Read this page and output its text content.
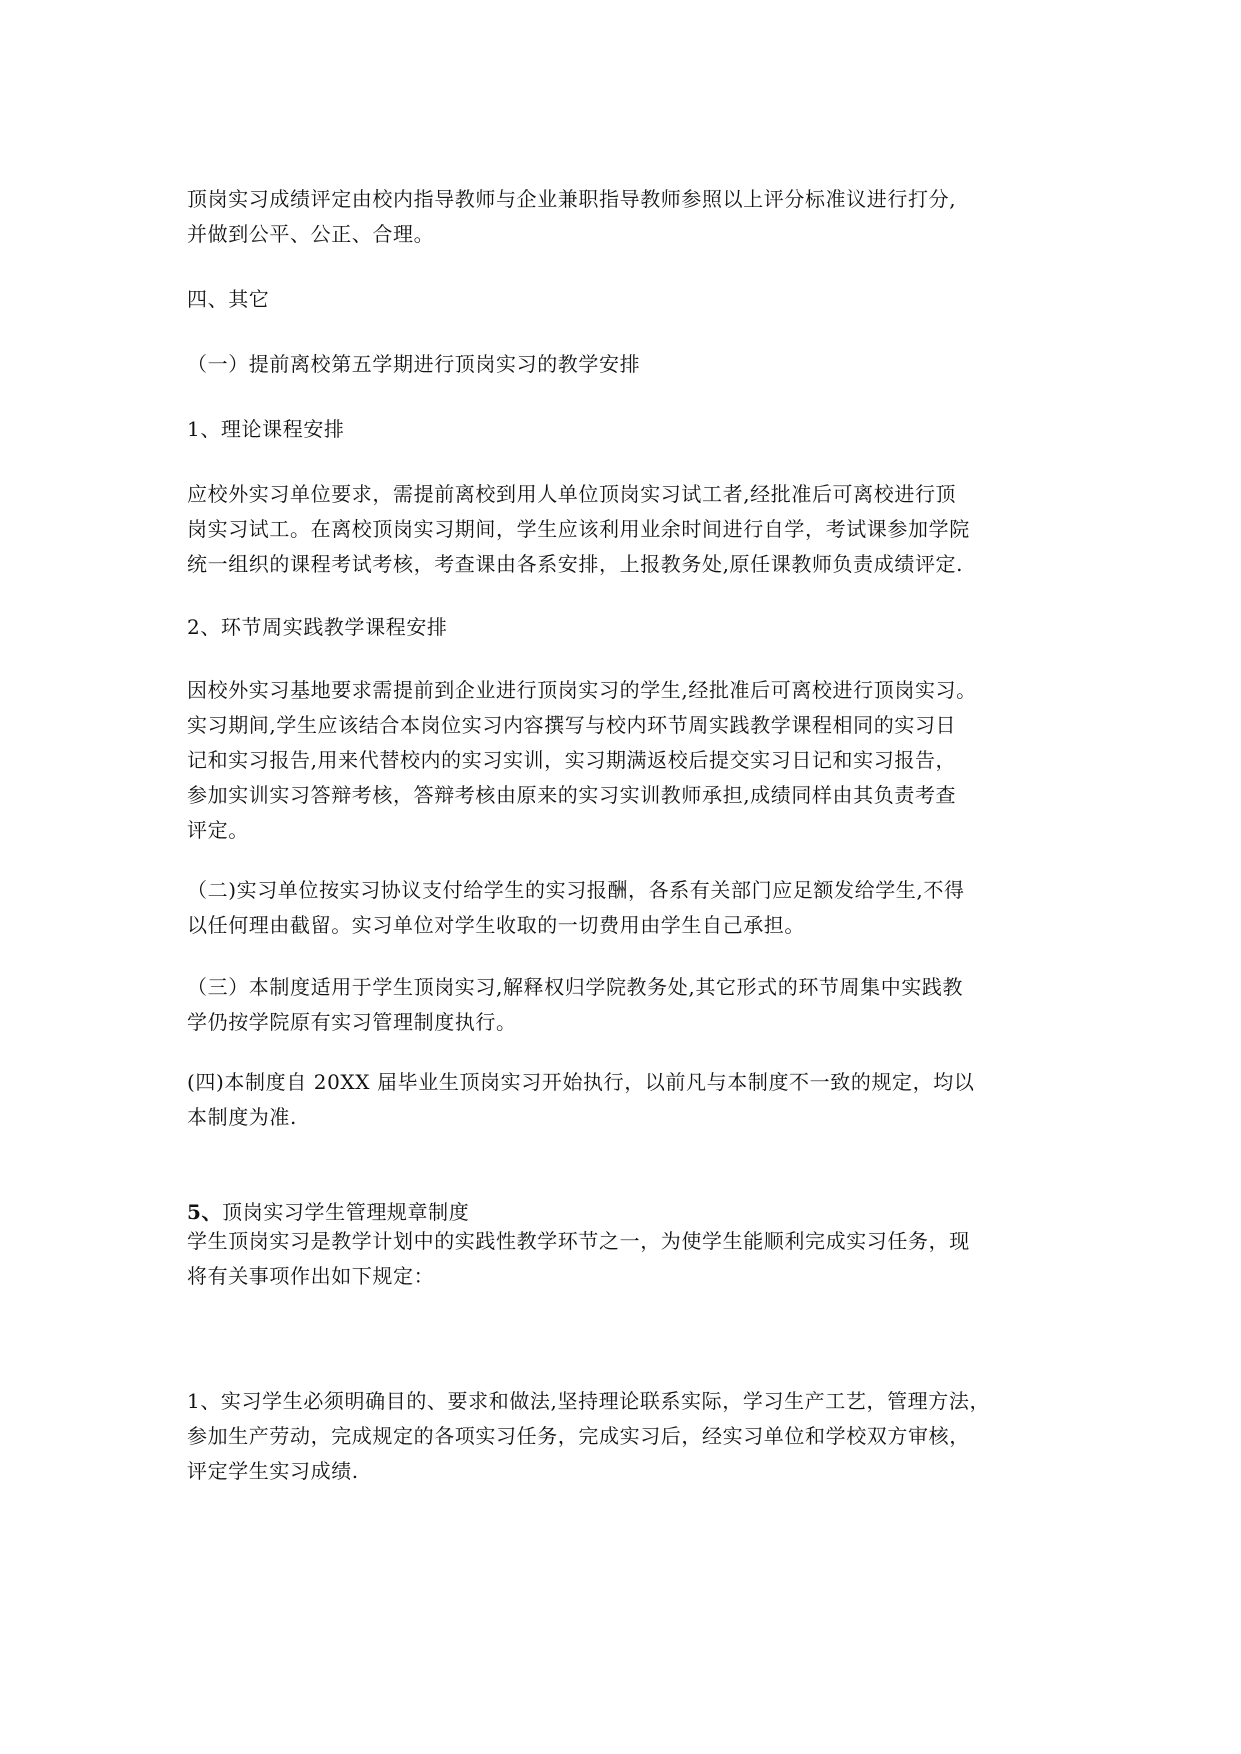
顶岗实习成绩评定由校内指导教师与企业兼职指导教师参照以上评分标准议进行打分,
并做到公平、公正、合理。

四、其它

（一）提前离校第五学期进行顶岗实习的教学安排

1、理论课程安排

应校外实习单位要求，需提前离校到用人单位顶岗实习试工者,经批准后可离校进行顶
岗实习试工。在离校顶岗实习期间，学生应该利用业余时间进行自学，考试课参加学院
统一组织的课程考试考核，考查课由各系安排，上报教务处,原任课教师负责成绩评定.

2、环节周实践教学课程安排

因校外实习基地要求需提前到企业进行顶岗实习的学生,经批准后可离校进行顶岗实习。
实习期间,学生应该结合本岗位实习内容撰写与校内环节周实践教学课程相同的实习日
记和实习报告,用来代替校内的实习实训，实习期满返校后提交实习日记和实习报告，
参加实训实习答辩考核，答辩考核由原来的实习实训教师承担,成绩同样由其负责考查
评定。

（二)实习单位按实习协议支付给学生的实习报酬，各系有关部门应足额发给学生,不得
以任何理由截留。实习单位对学生收取的一切费用由学生自己承担。

（三）本制度适用于学生顶岗实习,解释权归学院教务处,其它形式的环节周集中实践教
学仍按学院原有实习管理制度执行。

(四)本制度自 20XX 届毕业生顶岗实习开始执行，以前凡与本制度不一致的规定，均以
本制度为准.

5、顶岗实习学生管理规章制度

学生顶岗实习是教学计划中的实践性教学环节之一，为使学生能顺利完成实习任务，现
将有关事项作出如下规定：

1、实习学生必须明确目的、要求和做法,坚持理论联系实际，学习生产工艺，管理方法，
参加生产劳动，完成规定的各项实习任务，完成实习后，经实习单位和学校双方审核，
评定学生实习成绩.
